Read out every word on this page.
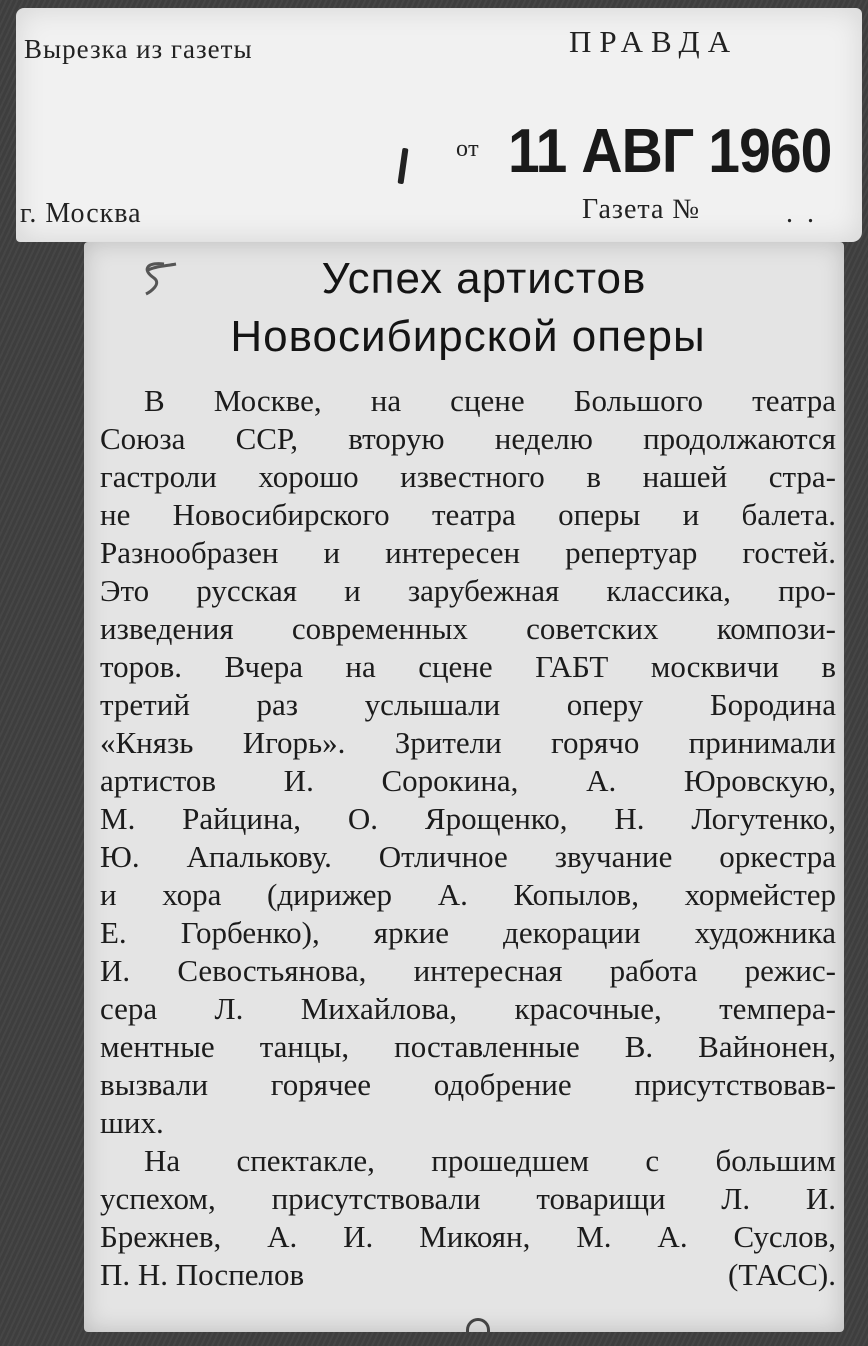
Вырезка из газеты	ПРАВДА
от 11 АВГ 1960
г. Москва	Газета №	.  .
Успех артистов
Новосибирской оперы
В Москве, на сцене Большого театра
Союза ССР, вторую неделю продолжаются
гастроли хорошо известного в нашей стра-
не Новосибирского театра оперы и балета.
Разнообразен и интересен репертуар гостей.
Это русская и зарубежная классика, про-
изведения современных советских компози-
торов. Вчера на сцене ГАБТ москвичи в
третий раз услышали оперу Бородина
«Князь Игорь». Зрители горячо принимали
артистов И. Сорокина, А. Юровскую,
М. Райцина, О. Ярощенко, Н. Логутенко,
Ю. Апалькову. Отличное звучание оркестра
и хора (дирижер А. Копылов, хормейстер
Е. Горбенко), яркие декорации художника
И. Севостьянова, интересная работа режис-
сера Л. Михайлова, красочные, темпера-
ментные танцы, поставленные В. Вайнонен,
вызвали горячее одобрение присутствовав-
ших.
На спектакле, прошедшем с большим
успехом, присутствовали товарищи Л. И.
Брежнев, А. И. Микоян, М. А. Суслов,
П. Н. Поспелов	(ТАСС).
